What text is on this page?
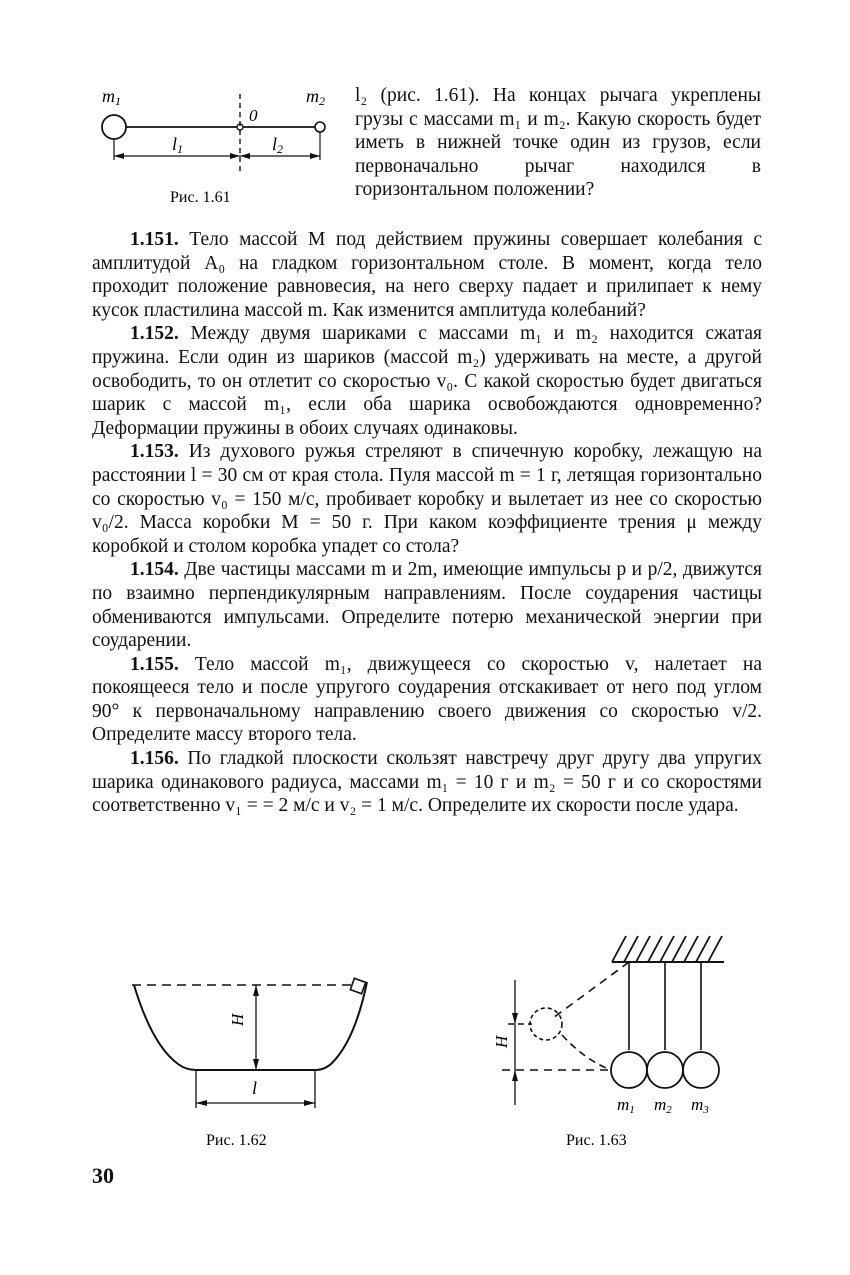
m1	m2
0
l1	l2
Рис. 1.61

l₂ (рис. 1.61). На концах рычага укреплены грузы с массами m₁ и m₂. Какую скорость будет иметь в нижней точке один из грузов, если первоначально рычаг находился в горизонтальном положении?

1.151. Тело массой M под действием пружины совершает колебания с амплитудой A₀ на гладком горизонтальном столе. В момент, когда тело проходит положение равновесия, на него сверху падает и прилипает к нему кусок пластилина массой m. Как изменится амплитуда колебаний?

1.152. Между двумя шариками с массами m₁ и m₂ находится сжатая пружина. Если один из шариков (массой m₂) удерживать на месте, а другой освободить, то он отлетит со скоростью v₀. С какой скоростью будет двигаться шарик с массой m₁, если оба шарика освобождаются одновременно? Деформации пружины в обоих случаях одинаковы.

1.153. Из духового ружья стреляют в спичечную коробку, лежащую на расстоянии l = 30 см от края стола. Пуля массой m = 1 г, летящая горизонтально со скоростью v₀ = 150 м/с, пробивает коробку и вылетает из нее со скоростью v₀/2. Масса коробки M = 50 г. При каком коэффициенте трения μ между коробкой и столом коробка упадет со стола?

1.154. Две частицы массами m и 2m, имеющие импульсы p и p/2, движутся по взаимно перпендикулярным направлениям. После соударения частицы обмениваются импульсами. Определите потерю механической энергии при соударении.

1.155. Тело массой m₁, движущееся со скоростью v, налетает на покоящееся тело и после упругого соударения отскакивает от него под углом 90° к первоначальному направлению своего движения со скоростью v/2. Определите массу второго тела.

1.156. По гладкой плоскости скользят навстречу друг другу два упругих шарика одинакового радиуса, массами m₁ = 10 г и m₂ = 50 г и со скоростями соответственно v₁ = = 2 м/с и v₂ = 1 м/с. Определите их скорости после удара.

H
l
Рис. 1.62
H
m1 m2 m3
Рис. 1.63
30
